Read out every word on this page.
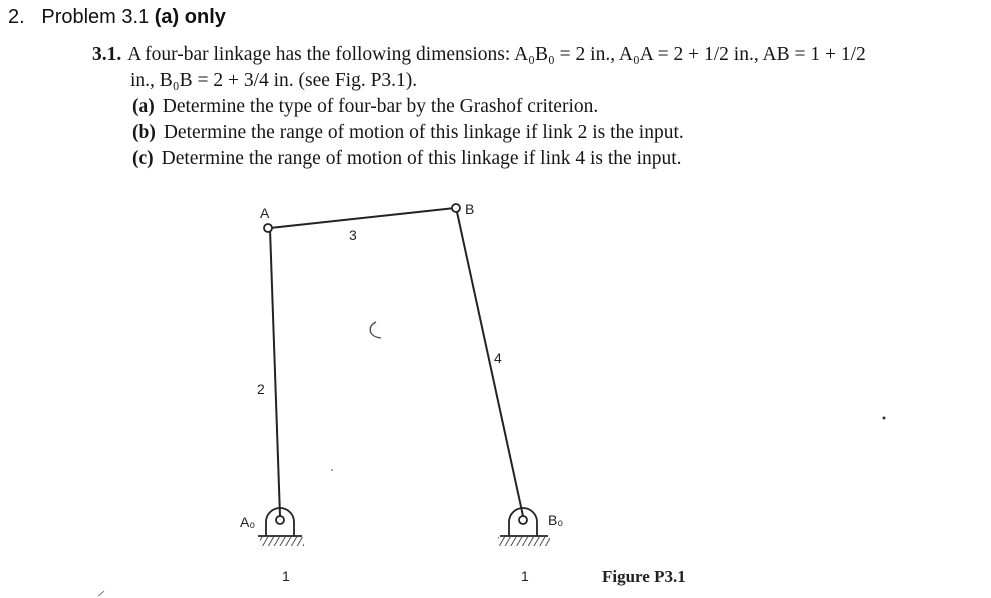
2. Problem 3.1 (a) only
3.1. A four-bar linkage has the following dimensions: A₀B₀ = 2 in., A₀A = 2 + 1/2 in., AB = 1 + 1/2
in., B₀B = 2 + 3/4 in. (see Fig. P3.1).
(a) Determine the type of four-bar by the Grashof criterion.
(b) Determine the range of motion of this linkage if link 2 is the input.
(c) Determine the range of motion of this linkage if link 4 is the input.
A	B
3
2
4
A₀	B₀
1	1	Figure P3.1
